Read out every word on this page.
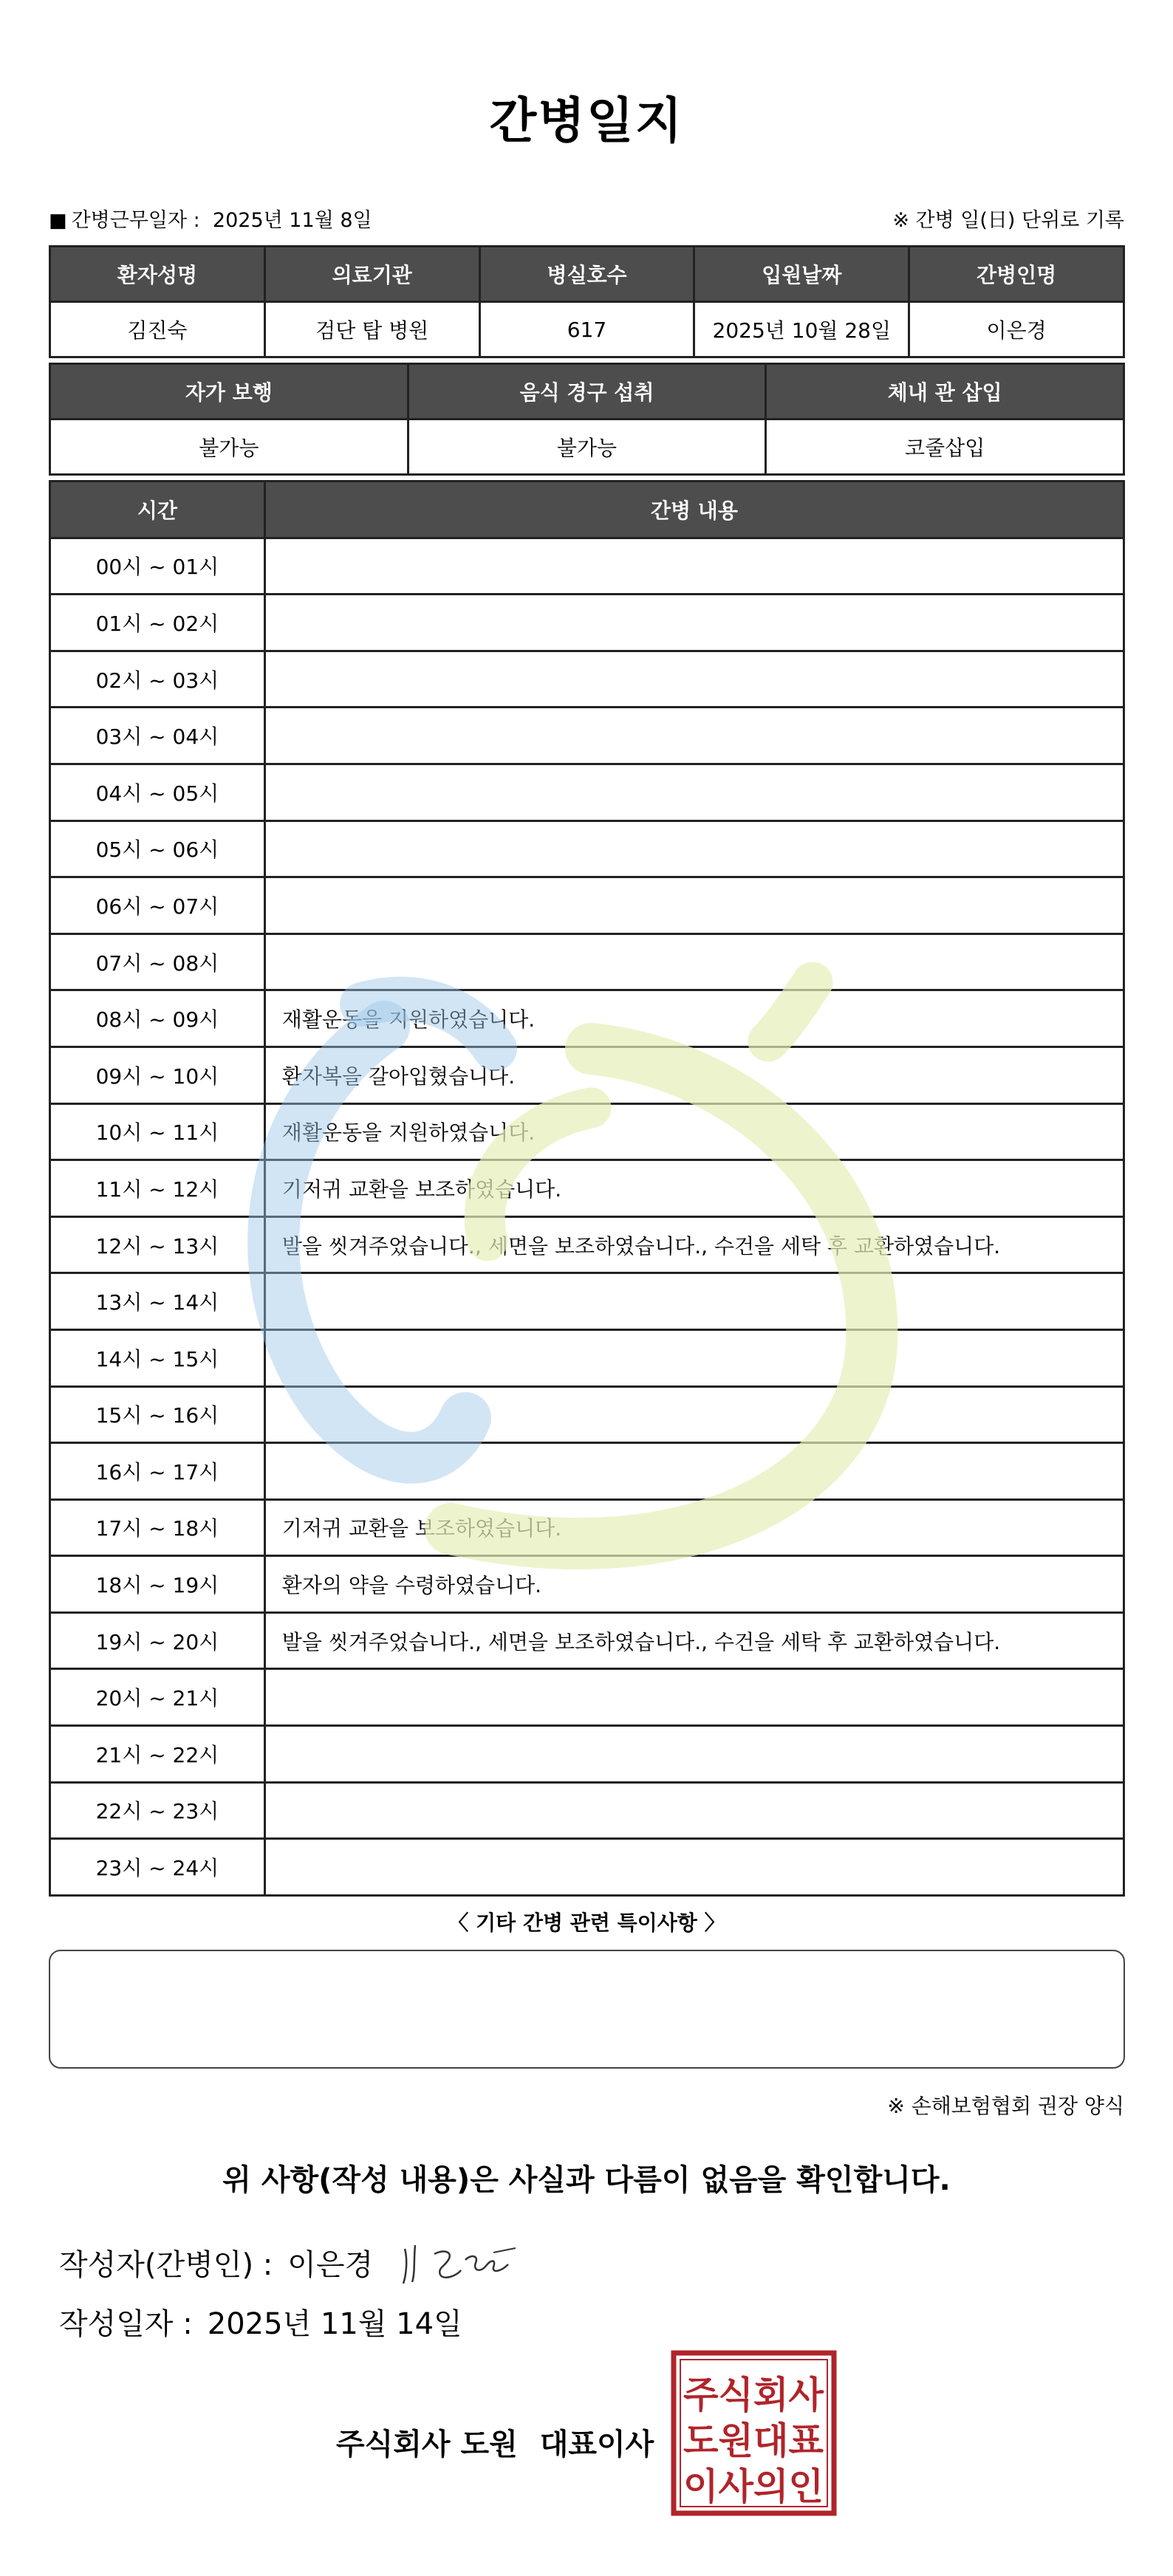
간병일지
■ 간병근무일자 : 2025년 11월 8일	※ 간병 일(日) 단위로 기록
환자성명	의료기관	병실호수	입원날짜	간병인명
김진숙	검단 탑 병원	617	2025년 10월 28일	이은경
자가 보행	음식 경구 섭취	체내 관 삽입
불가능	불가능	코줄삽입
시간	간병 내용
00시 ~ 01시	
01시 ~ 02시	
02시 ~ 03시	
03시 ~ 04시	
04시 ~ 05시	
05시 ~ 06시	
06시 ~ 07시	
07시 ~ 08시	
08시 ~ 09시	재활운동을 지원하였습니다.
09시 ~ 10시	환자복을 갈아입혔습니다.
10시 ~ 11시	재활운동을 지원하였습니다.
11시 ~ 12시	기저귀 교환을 보조하였습니다.
12시 ~ 13시	발을 씻겨주었습니다., 세면을 보조하였습니다., 수건을 세탁 후 교환하였습니다.
13시 ~ 14시	
14시 ~ 15시	
15시 ~ 16시	
16시 ~ 17시	
17시 ~ 18시	기저귀 교환을 보조하였습니다.
18시 ~ 19시	환자의 약을 수령하였습니다.
19시 ~ 20시	발을 씻겨주었습니다., 세면을 보조하였습니다., 수건을 세탁 후 교환하였습니다.
20시 ~ 21시	
21시 ~ 22시	
22시 ~ 23시	
23시 ~ 24시	
〈 기타 간병 관련 특이사항 〉
※ 손해보험협회 권장 양식
위 사항(작성 내용)은 사실과 다름이 없음을 확인합니다.
작성자(간병인) : 이은경
작성일자 : 2025년 11월 14일
주식회사 도원 대표이사
주식회사
도원대표
이사의인
